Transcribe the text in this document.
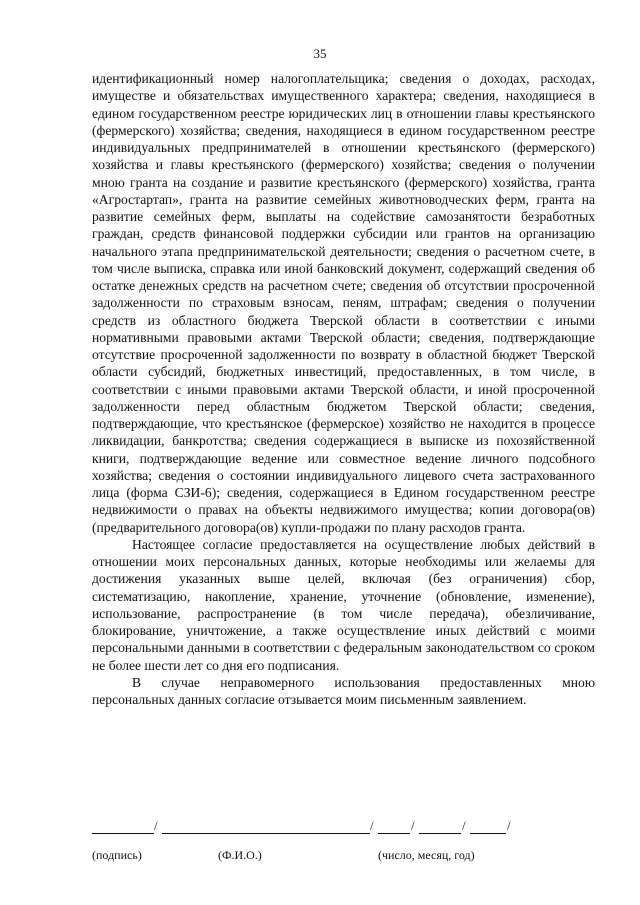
35

идентификационный номер налогоплательщика; сведения о доходах, расходах, имуществе и обязательствах имущественного характера; сведения, находящиеся в едином государственном реестре юридических лиц в отношении главы крестьянского (фермерского) хозяйства; сведения, находящиеся в едином государственном реестре индивидуальных предпринимателей в отношении крестьянского (фермерского) хозяйства и главы крестьянского (фермерского) хозяйства; сведения о получении мною гранта на создание и развитие крестьянского (фермерского) хозяйства, гранта «Агростартап», гранта на развитие семейных животноводческих ферм, гранта на развитие семейных ферм, выплаты на содействие самозанятости безработных граждан, средств финансовой поддержки субсидии или грантов на организацию начального этапа предпринимательской деятельности; сведения о расчетном счете, в том числе выписка, справка или иной банковский документ, содержащий сведения об остатке денежных средств на расчетном счете; сведения об отсутствии просроченной задолженности по страховым взносам, пеням, штрафам; сведения о получении средств из областного бюджета Тверской области в соответствии с иными нормативными правовыми актами Тверской области; сведения, подтверждающие отсутствие просроченной задолженности по возврату в областной бюджет Тверской области субсидий, бюджетных инвестиций, предоставленных, в том числе, в соответствии с иными правовыми актами Тверской области, и иной просроченной задолженности перед областным бюджетом Тверской области; сведения, подтверждающие, что крестьянское (фермерское) хозяйство не находится в процессе ликвидации, банкротства; сведения содержащиеся в выписке из похозяйственной книги, подтверждающие ведение или совместное ведение личного подсобного хозяйства; сведения о состоянии индивидуального лицевого счета застрахованного лица (форма СЗИ-6); сведения, содержащиеся в Едином государственном реестре недвижимости о правах на объекты недвижимого имущества; копии договора(ов) (предварительного договора(ов) купли-продажи по плану расходов гранта.

Настоящее согласие предоставляется на осуществление любых действий в отношении моих персональных данных, которые необходимы или желаемы для достижения указанных выше целей, включая (без ограничения) сбор, систематизацию, накопление, хранение, уточнение (обновление, изменение), использование, распространение (в том числе передача), обезличивание, блокирование, уничтожение, а также осуществление иных действий с моими персональными данными в соответствии с федеральным законодательством со сроком не более шести лет со дня его подписания.

В случае неправомерного использования предоставленных мною персональных данных согласие отзывается моим письменным заявлением.

/	/	/	/	/
(подпись)	(Ф.И.О.)	(число, месяц, год)
